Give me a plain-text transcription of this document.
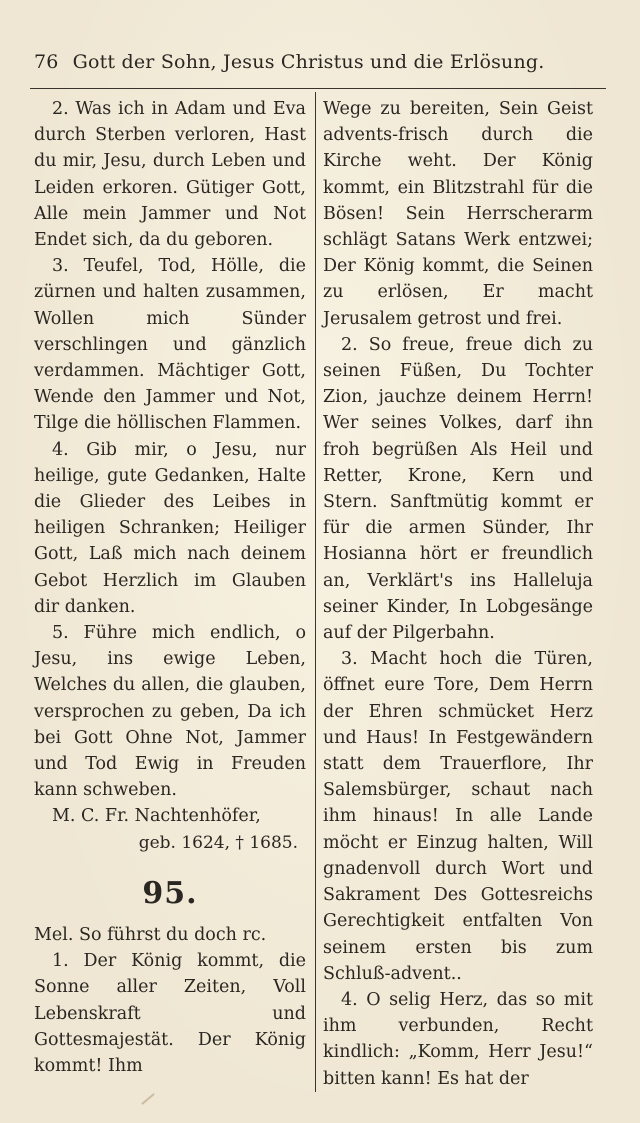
76 Gott der Sohn, Jesus Christus und die Erlösung.

2. Was ich in Adam und Eva durch Sterben verloren, Hast du mir, Jesu, durch Leben und Leiden erkoren. Gütiger Gott, Alle mein Jammer und Not Endet sich, da du geboren.

3. Teufel, Tod, Hölle, die zürnen und halten zusammen, Wollen mich Sünder verschlingen und gänzlich verdammen. Mächtiger Gott, Wende den Jammer und Not, Tilge die höllischen Flammen.

4. Gib mir, o Jesu, nur heilige, gute Gedanken, Halte die Glieder des Leibes in heiligen Schranken; Heiliger Gott, Laß mich nach deinem Gebot Herzlich im Glauben dir danken.

5. Führe mich endlich, o Jesu, ins ewige Leben, Welches du allen, die glauben, versprochen zu geben, Da ich bei Gott Ohne Not, Jammer und Tod Ewig in Freuden kann schweben.

M. C. Fr. Nachtenhöfer,

geb. 1624, † 1685.

95.

Mel. So führst du doch rc.

1. Der König kommt, die Sonne aller Zeiten, Voll Lebenskraft und Gottesmajestät. Der König kommt! Ihm

Wege zu bereiten, Sein Geist advents-frisch durch die Kirche weht. Der König kommt, ein Blitzstrahl für die Bösen! Sein Herrscherarm schlägt Satans Werk entzwei; Der König kommt, die Seinen zu erlösen, Er macht Jerusalem getrost und frei.

2. So freue, freue dich zu seinen Füßen, Du Tochter Zion, jauchze deinem Herrn! Wer seines Volkes, darf ihn froh begrüßen Als Heil und Retter, Krone, Kern und Stern. Sanftmütig kommt er für die armen Sünder, Ihr Hosianna hört er freundlich an, Verklärt's ins Halleluja seiner Kinder, In Lobgesänge auf der Pilgerbahn.

3. Macht hoch die Türen, öffnet eure Tore, Dem Herrn der Ehren schmücket Herz und Haus! In Festgewändern statt dem Trauerflore, Ihr Salemsbürger, schaut nach ihm hinaus! In alle Lande möcht er Einzug halten, Will gnadenvoll durch Wort und Sakrament Des Gottesreichs Gerechtigkeit entfalten Von seinem ersten bis zum Schluß-advent..

4. O selig Herz, das so mit ihm verbunden, Recht kindlich: „Komm, Herr Jesu!“ bitten kann! Es hat der
